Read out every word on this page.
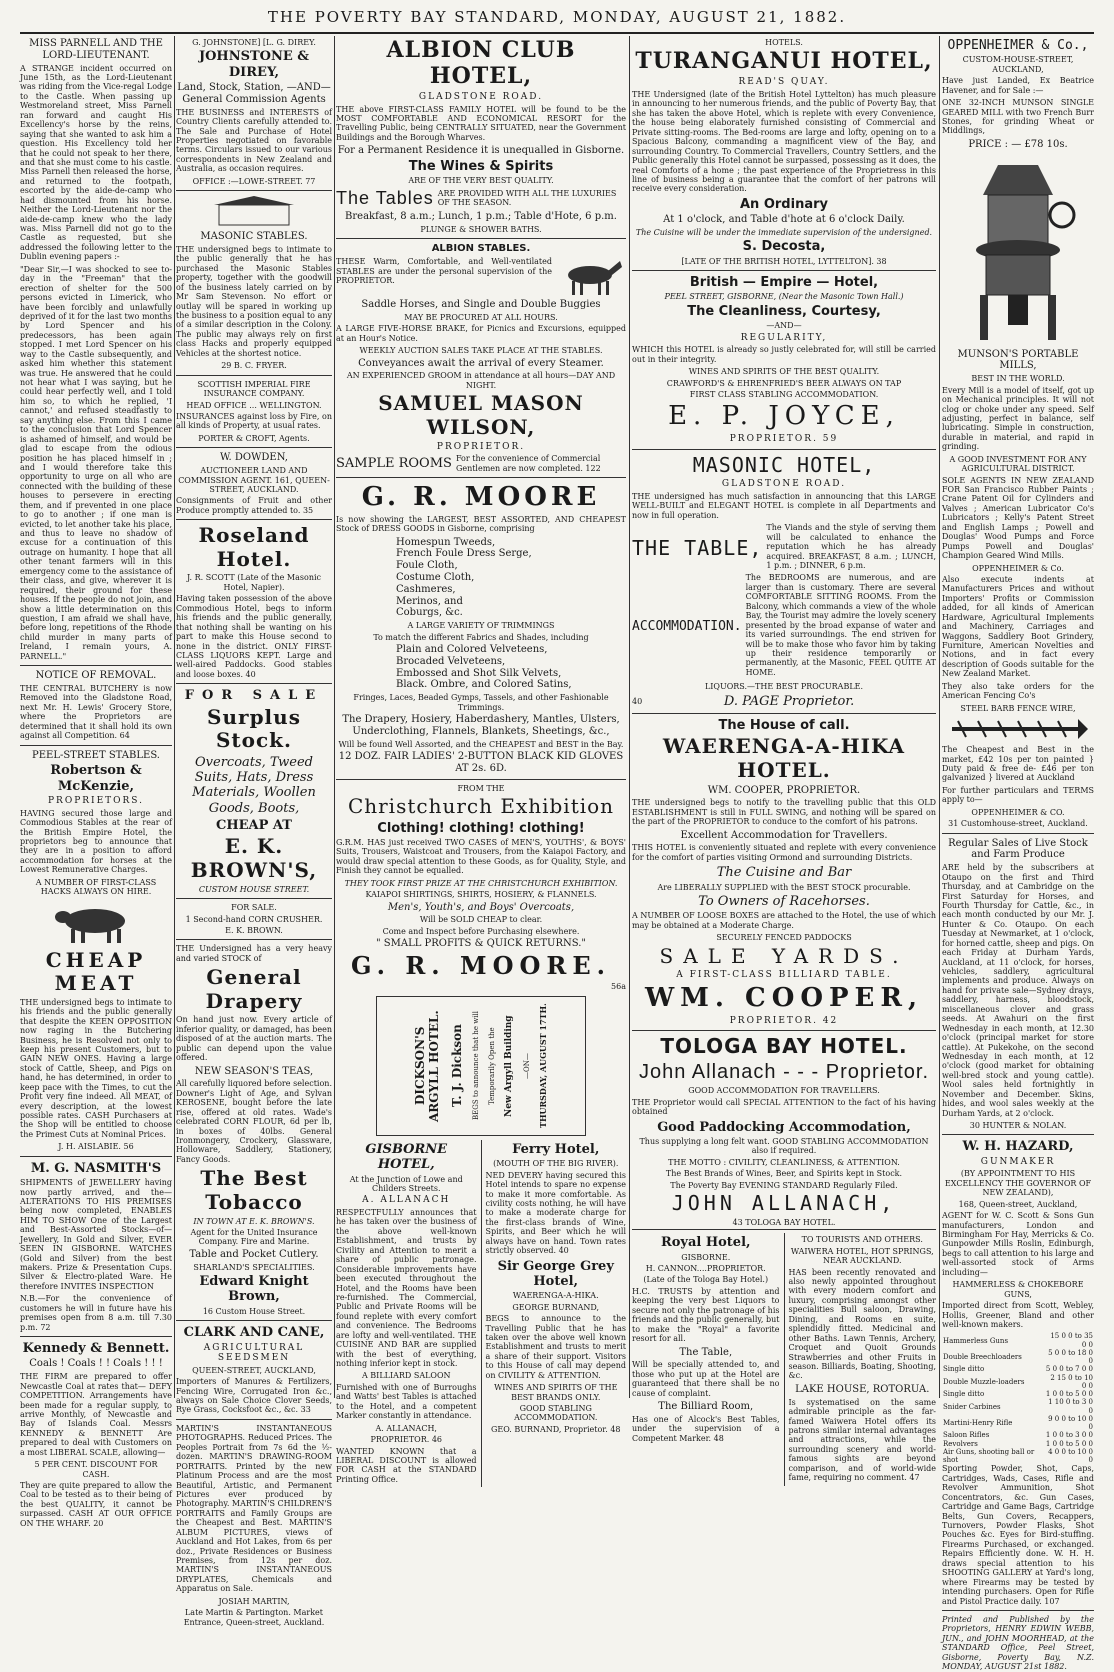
THE POVERTY BAY STANDARD, MONDAY, AUGUST 21, 1882.
MISS PARNELL AND THE LORD-LIEUTENANT.

A STRANGE incident occurred on June 15th, as the Lord-Lieutenant was riding from the Vice-regal Lodge to the Castle. When passing up Westmoreland street, Miss Parnell ran forward and caught His Excellency's horse by the reins, saying that she wanted to ask him a question. His Excellency told her that he could not speak to her there, and that she must come to his castle. Miss Parnell then released the horse, and returned to the footpath, escorted by the aide-de-camp who had dismounted from his horse. Neither the Lord-Lieutenant nor the aide-de-camp knew who the lady was. Miss Parnell did not go to the Castle as requested, but she addressed the following letter to the Dublin evening papers :-

"Dear Sir,—I was shocked to see to-day in the "Freeman" that the erection of shelter for the 500 persons evicted in Limerick, who have been forcibly and unlawfully deprived of it for the last two months by Lord Spencer and his predecessors, has been again stopped. I met Lord Spencer on his way to the Castle subsequently, and asked him whether this statement was true. He answered that he could not hear what I was saying, but he could hear perfectly well, and I told him so, to which he replied, 'I cannot,' and refused steadfastly to say anything else. From this I came to the conclusion that Lord Spencer is ashamed of himself, and would be glad to escape from the odious position he has placed himself in ; and I would therefore take this opportunity to urge on all who are connected with the building of these houses to persevere in erecting them, and if prevented in one place to go to another ; if one man is evicted, to let another take his place, and thus to leave no shadow of excuse for a continuation of this outrage on humanity. I hope that all other tenant farmers will in this emergency come to the assistance of their class, and give, wherever it is required, their ground for these houses. If the people do not join, and show a little determination on this question, I am afraid we shall have, before long, repetitions of the Rhode child murder in many parts of Ireland, I remain yours, A. PARNELL."

NOTICE OF REMOVAL.

THE CENTRAL BUTCHERY is now Removed into the Gladstone Road, next Mr. H. Lewis' Grocery Store, where the Proprietors are determined that it shall hold its own against all Competition. 64

PEEL-STREET STABLES.
Robertson & McKenzie,
PROPRIETORS.

HAVING secured those large and Commodious Stables at the rear of the British Empire Hotel, the proprietors beg to announce that they are in a position to afford accommodation for horses at the Lowest Remunerative Charges.

A NUMBER OF FIRST-CLASS HACKS ALWAYS ON HIRE.
CHEAP MEAT

THE undersigned begs to intimate to his friends and the public generally that despite the KEEN OPPOSITION now raging in the Butchering Business, he is Resolved not only to keep his present Customers, but to GAIN NEW ONES. Having a large stock of Cattle, Sheep, and Pigs on hand, he has determined, in order to keep pace with the Times, to cut the Profit very fine indeed. All MEAT, of every description, at the lowest possible rates. CASH Purchasers at the Shop will be entitled to choose the Primest Cuts at Nominal Prices.

J. H. AISLABIE. 56
M. G. NASMITH'S

SHIPMENTS of JEWELLERY having now partly arrived, and the— ALTERATIONS TO HIS PREMISES being now completed, ENABLES HIM TO SHOW One of the Largest and Best-Assorted Stocks—of—Jewellery, In Gold and Silver, EVER SEEN IN GISBORNE. WATCHES (Gold and Silver) from the best makers. Prize & Presentation Cups. Silver & Electro-plated Ware. He therefore INVITES INSPECTION

N.B.—For the convenience of customers he will in future have his premises open from 8 a.m. till 7.30 p.m. 72

Kennedy & Bennett.
Coals ! Coals ! ! Coals ! ! !

THE FIRM are prepared to offer Newcastle Coal at rates that— DEFY COMPETITION. Arrangements have been made for a regular supply, to arrive Monthly, of Newcastle and Bay of Islands Coal. Messrs KENNEDY & BENNETT Are prepared to deal with Customers on a most LIBERAL SCALE, allowing—

5 PER CENT. DISCOUNT FOR CASH.

They are quite prepared to allow the Coal to be tested as to their being of the best QUALITY, it cannot be surpassed. CASH AT OUR OFFICE ON THE WHARF. 20

G. JOHNSTONE] [L. G. DIREY.
JOHNSTONE & DIREY,
Land, Stock, Station, —AND— General Commission Agents

THE BUSINESS and INTERESTS of Country Clients carefully attended to. The Sale and Purchase of Hotel Properties negotiated on favorable terms. Circulars issued to our various correspondents in New Zealand and Australia, as occasion requires.

OFFICE :—LOWE-STREET. 77
MASONIC STABLES.

THE undersigned begs to intimate to the public generally that he has purchased the Masonic Stables property, together with the goodwill of the business lately carried on by Mr Sam Stevenson. No effort or outlay will be spared in working up the business to a position equal to any of a similar description in the Colony. The public may always rely on first class Hacks and properly equipped Vehicles at the shortest notice.

29 B. C. FRYER.
SCOTTISH IMPERIAL FIRE INSURANCE COMPANY.
HEAD OFFICE ... WELLINGTON.

INSURANCES against loss by Fire, on all kinds of Property, at usual rates.

PORTER & CROFT, Agents.
W. DOWDEN,
AUCTIONEER LAND AND COMMISSION AGENT. 161, QUEEN-STREET, AUCKLAND.

Consignments of Fruit and other Produce promptly attended to. 35

Roseland Hotel.
J. R. SCOTT (Late of the Masonic Hotel, Napier).

Having taken possession of the above Commodious Hotel, begs to inform his friends and the public generally, that nothing shall be wanting on his part to make this House second to none in the district. ONLY FIRST-CLASS LIQUORS KEPT. Large and well-aired Paddocks. Good stables and loose boxes. 40

FOR SALE
Surplus Stock.
Overcoats, Tweed Suits, Hats, Dress Materials, Woollen Goods, Boots,
CHEAP AT
E. K. BROWN'S,
CUSTOM HOUSE STREET.
FOR SALE.
1 Second-hand CORN CRUSHER.
E. K. BROWN.

THE Undersigned has a very heavy and varied STOCK of

General Drapery

On hand just now. Every article of inferior quality, or damaged, has been disposed of at the auction marts. The public can depend upon the value offered.

NEW SEASON'S TEAS,

All carefully liquored before selection. Downer's Light of Age, and Sylvan KEROSENE, bought before the late rise, offered at old rates. Wade's celebrated CORN FLOUR, 6d per lb, in boxes of 40lbs. General Ironmongery, Crockery, Glassware, Holloware, Saddlery, Stationery, Fancy Goods.

The Best Tobacco
IN TOWN AT E. K. BROWN'S.
Agent for the United Insurance Company. Fire and Marine.
Table and Pocket Cutlery.
SHARLAND'S SPECIALITIES.
Edward Knight Brown,
16 Custom House Street.
CLARK AND CANE,
AGRICULTURAL SEEDSMEN
QUEEN-STREET, AUCKLAND,

Importers of Manures & Fertilizers, Fencing Wire, Corrugated Iron &c., always on Sale Choice Clover Seeds, Rye Grass, Cocksfoot &c., &c. 33

MARTIN'S INSTANTANEOUS PHOTOGRAPHS. Reduced Prices. The Peoples Portrait from 7s 6d the ½-dozen. MARTIN'S DRAWING-ROOM PORTRAITS. Printed by the new Platinum Process and are the most Beautiful, Artistic, and Permanent Pictures ever produced by Photography. MARTIN'S CHILDREN'S PORTRAITS and Family Groups are the Cheapest and Best. MARTIN'S ALBUM PICTURES, views of Auckland and Hot Lakes, from 6s per doz., Private Residences or Business Premises, from 12s per doz. MARTIN'S INSTANTANEOUS DRYPLATES, Chemicals and Apparatus on Sale.

JOSIAH MARTIN,
Late Martin & Partington. Market Entrance, Queen-street, Auckland.
ALBION CLUB HOTEL,
GLADSTONE ROAD.

THE above FIRST-CLASS FAMILY HOTEL will be found to be the MOST COMFORTABLE AND ECONOMICAL RESORT for the Travelling Public, being CENTRALLY SITUATED, near the Government Buildings and the Borough Wharves.

For a Permanent Residence it is unequalled in Gisborne.
The Wines & Spirits
ARE OF THE VERY BEST QUALITY.
The Tables ARE PROVIDED WITH ALL THE LUXURIES OF THE SEASON.
Breakfast, 8 a.m.; Lunch, 1 p.m.; Table d'Hote, 6 p.m.
PLUNGE & SHOWER BATHS.
ALBION STABLES.

THESE Warm, Comfortable, and Well-ventilated STABLES are under the personal supervision of the PROPRIETOR.

Saddle Horses, and Single and Double Buggies
MAY BE PROCURED AT ALL HOURS.

A LARGE FIVE-HORSE BRAKE, for Picnics and Excursions, equipped at an Hour's Notice.

WEEKLY AUCTION SALES TAKE PLACE AT THE STABLES.
Conveyances await the arrival of every Steamer.
AN EXPERIENCED GROOM in attendance at all hours—DAY AND NIGHT.
SAMUEL MASON WILSON,
PROPRIETOR.
SAMPLE ROOMS For the convenience of Commercial Gentlemen are now completed. 122
G. R. MOORE

Is now showing the LARGEST, BEST ASSORTED, AND CHEAPEST Stock of DRESS GOODS in Gisborne, comprising

Homespun Tweeds,
French Foule Dress Serge,
Foule Cloth,
Costume Cloth,
Cashmeres,
Merinos, and
Coburgs, &c.
A LARGE VARIETY OF TRIMMINGS
To match the different Fabrics and Shades, including
Plain and Colored Velveteens,
Brocaded Velveteens,
Embossed and Shot Silk Velvets,
Black. Ombre, and Colored Satins,
Fringes, Laces, Beaded Gymps, Tassels, and other Fashionable Trimmings.
The Drapery, Hosiery, Haberdashery, Mantles, Ulsters, Underclothing, Flannels, Blankets, Sheetings, &c.,
Will be found Well Assorted, and the CHEAPEST and BEST in the Bay.
12 DOZ. FAIR LADIES' 2-BUTTON BLACK KID GLOVES AT 2s. 6D.
FROM THE
Christchurch Exhibition
Clothing! clothing! clothing!

G.R.M. HAS just received TWO CASES of MEN'S, YOUTHS', & BOYS' Suits, Trousers, Waistcoat and Trousers, from the Kaiapoi Factory, and would draw special attention to these Goods, as for Quality, Style, and Finish they cannot be equalled.

THEY TOOK FIRST PRIZE AT THE CHRISTCHURCH EXHIBITION.
KAIAPOI SHIRTINGS, SHIRTS, HOSIERY, & FLANNELS.
Men's, Youth's, and Boys' Overcoats,
Will be SOLD CHEAP to clear.
Come and Inspect before Purchasing elsewhere.
" SMALL PROFITS & QUICK RETURNS."
G. R. MOORE.
56a
DICKSON'S ARGYLL HOTEL. T. J. Dickson BEGS to announce that he will Temporarily Open the New Argyll Building —ON— THURSDAY, AUGUST 17TH.
GISBORNE HOTEL,
At the Junction of Lowe and Childers Streets.
A. ALLANACH

RESPECTFULLY announces that he has taken over the business of the above well-known Establishment, and trusts by Civility and Attention to merit a share of public patronage. Considerable improvements have been executed throughout the Hotel, and the Rooms have been re-furnished. The Commercial, Public and Private Rooms will be found replete with every comfort and convenience. The Bedrooms are lofty and well-ventilated. THE CUISINE AND BAR are supplied with the best of everything, nothing inferior kept in stock.

A BILLIARD SALOON

Furnished with one of Burroughs and Watts' best Tables is attached to the Hotel, and a competent Marker constantly in attendance.

A. ALLANACH,
PROPRIETOR. 46

WANTED KNOWN that a LIBERAL DISCOUNT is allowed FOR CASH at the STANDARD Printing Office.

Ferry Hotel,
(MOUTH OF THE BIG RIVER).

NED DEVERY having secured this Hotel intends to spare no expense to make it more comfortable. As civility costs nothing, he will have to make a moderate charge for the first-class brands of Wine, Spirits, and Beer which he will always have on hand. Town rates strictly observed. 40

Sir George Grey Hotel,
WAERENGA-A-HIKA.
GEORGE BURNAND,

BEGS to announce to the Travelling Public that he has taken over the above well known Establishment and trusts to merit a share of their support. Visitors to this House of call may depend on CIVILITY & ATTENTION.

WINES AND SPIRITS OF THE BEST BRANDS ONLY.
GOOD STABLING ACCOMMODATION.
GEO. BURNAND, Proprietor. 48
HOTELS.
TURANGANUI HOTEL,
READ'S QUAY.

THE Undersigned (late of the British Hotel Lyttelton) has much pleasure in announcing to her numerous friends, and the public of Poverty Bay, that she has taken the above Hotel, which is replete with every Convenience, the house being elaborately furnished consisting of Commercial and Private sitting-rooms. The Bed-rooms are large and lofty, opening on to a Spacious Balcony, commanding a magnificent view of the Bay, and surrounding Country. To Commercial Travellers, Country Settlers, and the Public generally this Hotel cannot be surpassed, possessing as it does, the real Comforts of a home ; the past experience of the Proprietress in this line of business being a guarantee that the comfort of her patrons will receive every consideration.

An Ordinary
At 1 o'clock, and Table d'hote at 6 o'clock Daily.
The Cuisine will be under the immediate supervision of the undersigned.
S. Decosta,
[LATE OF THE BRITISH HOTEL, LYTTELTON]. 38
British — Empire — Hotel,
PEEL STREET, GISBORNE, (Near the Masonic Town Hall.)
The Cleanliness, Courtesy,
—AND—
REGULARITY,

WHICH this HOTEL is already so justly celebrated for, will still be carried out in their integrity.

WINES AND SPIRITS OF THE BEST QUALITY.
CRAWFORD'S & EHRENFRIED'S BEER ALWAYS ON TAP
FIRST CLASS STABLING ACCOMMODATION.
E. P. JOYCE,
PROPRIETOR. 59
MASONIC HOTEL,
GLADSTONE ROAD.

THE undersigned has much satisfaction in announcing that this LARGE WELL-BUILT and ELEGANT HOTEL is complete in all Departments and now in full operation.

THE TABLE,

The Viands and the style of serving them will be calculated to enhance the reputation which he has already acquired. BREAKFAST, 8 a.m. ; LUNCH, 1 p.m. ; DINNER, 6 p.m.

ACCOMMODATION.

The BEDROOMS are numerous, and are larger than is customary. There are several COMFORTABLE SITTING ROOMS. From the Balcony, which commands a view of the whole Bay, the Tourist may admire the lovely scenery presented by the broad expanse of water and its varied surroundings. The end striven for will be to make those who favor him by taking up their residence temporarily or permanently, at the Masonic, FEEL QUITE AT HOME.

LIQUORS.—THE BEST PROCURABLE.
40	D. PAGE Proprietor.
The House of call.
WAERENGA-A-HIKA HOTEL.
WM. COOPER, PROPRIETOR.

THE undersigned begs to notify to the travelling public that this OLD ESTABLISHMENT is still in FULL SWING, and nothing will be spared on the part of the PROPRIETOR to conduce to the comfort of his patrons.

Excellent Accommodation for Travellers.

THIS HOTEL is conveniently situated and replete with every convenience for the comfort of parties visiting Ormond and surrounding Districts.

The Cuisine and Bar
Are LIBERALLY SUPPLIED with the BEST STOCK procurable.
To Owners of Racehorses.

A NUMBER OF LOOSE BOXES are attached to the Hotel, the use of which may be obtained at a Moderate Charge.

SECURELY FENCED PADDOCKS
SALE YARDS.
A FIRST-CLASS BILLIARD TABLE.
WM. COOPER,
PROPRIETOR. 42
TOLOGA BAY HOTEL.
John Allanach - - - Proprietor.
GOOD ACCOMMODATION FOR TRAVELLERS.

THE Proprietor would call SPECIAL ATTENTION to the fact of his having obtained

Good Paddocking Accommodation,
Thus supplying a long felt want. GOOD STABLING ACCOMMODATION also if required.
THE MOTTO : CIVILITY, CLEANLINESS, & ATTENTION.
The Best Brands of Wines, Beer, and Spirits kept in Stock.
The Poverty Bay EVENING STANDARD Regularly Filed.
JOHN ALLANACH,
43 TOLOGA BAY HOTEL.
Royal Hotel,
GISBORNE.
H. CANNON....PROPRIETOR.
(Late of the Tologa Bay Hotel.)

H.C. TRUSTS by attention and keeping the very best Liquors to secure not only the patronage of his friends and the public generally, but to make the "Royal" a favorite resort for all.

The Table,

Will be specially attended to, and those who put up at the Hotel are guaranteed that there shall be no cause of complaint.

The Billiard Room,

Has one of Alcock's Best Tables, under the supervision of a Competent Marker. 48

TO TOURISTS AND OTHERS.
WAIWERA HOTEL, HOT SPRINGS, NEAR AUCKLAND.

HAS been recently renovated and also newly appointed throughout with every modern comfort and luxury, comprising amongst other specialities Bull saloon, Drawing, Dining, and Rooms en suite, splendidly fitted. Medicinal and other Baths. Lawn Tennis, Archery, Croquet and Quoit Grounds Strawberries and other Fruits in season. Billiards, Boating, Shooting, &c.

LAKE HOUSE, ROTORUA.

Is systematised on the same admirable principle as the far-famed Waiwera Hotel offers its patrons similar internal advantages and attractions, while the surrounding scenery and world-famous sights are beyond comparison, and of world-wide fame, requiring no comment. 47

OPPENHEIMER & Co.,
CUSTOM-HOUSE-STREET, AUCKLAND,

Have just Landed, Ex Beatrice Havener, and for Sale :—

ONE 32-INCH MUNSON SINGLE GEARED MILL with two French Burr Stones, for grinding Wheat or Middlings,

PRICE : — £78 10s.
MUNSON'S PORTABLE MILLS,
BEST IN THE WORLD.

Every Mill is a model of itself, got up on Mechanical principles. It will not clog or choke under any speed. Self adjusting, perfect in balance, self lubricating. Simple in construction, durable in material, and rapid in grinding.

A GOOD INVESTMENT FOR ANY AGRICULTURAL DISTRICT.

SOLE AGENTS IN NEW ZEALAND FOR San Francisco Rubber Paints ; Crane Patent Oil for Cylinders and Valves ; American Lubricator Co's Lubricators ; Kelly's Patent Street and English Lamps ; Powell and Douglas' Wood Pumps and Force Pumps Powell and Douglas' Champion Geared Wind Mills.

OPPENHEIMER & Co.

Also execute indents at Manufacturers Prices and without Importers' Profits or Commission added, for all kinds of American Hardware, Agricultural Implements and Machinery, Carriages and Waggons, Saddlery Boot Grindery, Furniture, American Novelties and Notions, and in fact every description of Goods suitable for the New Zealand Market.

They also take orders for the American Fencing Co's

STEEL BARB FENCE WIRE,

The Cheapest and Best in the market, £42 10s per ton painted } Duty paid & free de- £46 per ton galvanized } livered at Auckland

For further particulars and TERMS apply to—

OPPENHEIMER & CO.
31 Customhouse-street, Auckland.
Regular Sales of Live Stock and Farm Produce

ARE held by the subscribers at Otaupo on the first and Third Thursday, and at Cambridge on the First Saturday for Horses, and Fourth Thursday for Cattle, &c., in each month conducted by our Mr. J. Hunter & Co. Otaupo. On each Tuesday at Newmarket, at 1 o'clock, for horned cattle, sheep and pigs. On each Friday at Durham Yards, Auckland, at 11 o'clock, for horses, vehicles, saddlery, agricultural implements and produce. Always on hand for private sale—Sydney drays, saddlery, harness, bloodstock, miscellaneous clover and grass seeds. At Awahuri on the first Wednesday in each month, at 12.30 o'clock (principal market for store cattle). At Pukekohe, on the second Wednesday in each month, at 12 o'clock (good market for obtaining well-bred stock and young cattle). Wool sales held fortnightly in November and December. Skins, hides, and wool sales weekly at the Durham Yards, at 2 o'clock.

30 HUNTER & NOLAN.
W. H. HAZARD,
GUNMAKER
(BY APPOINTMENT TO HIS EXCELLENCY THE GOVERNOR OF NEW ZEALAND),
168, Queen-street, Auckland,

AGENT for W. C. Scott & Sons Gun manufacturers, London and Birmingham For Hay, Merricks & Co. Gunpowder Mills Roslin, Edinburgh, begs to call attention to his large and well-assorted stock of Arms including—

HAMMERLESS & CHOKEBORE GUNS,

Imported direct from Scott, Webley, Hollis, Greener, Bland and other well-known makers.

Hammerless Guns	15 0 0 to 35 0 0
Double Breechloaders	5 0 0 to 18 0 0
Single ditto	5 0 0 to 7 0 0
Double Muzzle-loaders	2 15 0 to 10 0 0
Single ditto	1 0 0 to 5 0 0
Snider Carbines	1 10 0 to 3 0 0
Martini-Henry Rifle	9 0 0 to 10 0 0
Saloon Rifles	1 0 0 to 3 0 0
Revolvers	1 0 0 to 5 0 0
Air Guns, shooting ball or shot	4 0 0 to 10 0 0

Sporting Powder, Shot, Caps, Cartridges, Wads, Cases, Rifle and Revolver Ammunition, Shot Concentrators, &c. Gun Cases, Cartridge and Game Bags, Cartridge Belts, Gun Covers, Recappers, Turnovers, Powder Flasks, Shot Pouches &c. Eyes for Bird-stuffing. Firearms Purchased, or exchanged. Repairs Efficiently done. W. H. H. draws special attention to his SHOOTING GALLERY at Yard's long, where Firearms may be tested by intending purchasers. Open for Rifle and Pistol Practice daily. 107

Printed and Published by the Proprietors, HENRY EDWIN WEBB, JUN., and JOHN MOORHEAD, at the STANDARD Office, Peel Street, Gisborne, Poverty Bay, N.Z. MONDAY, AUGUST 21st 1882.
